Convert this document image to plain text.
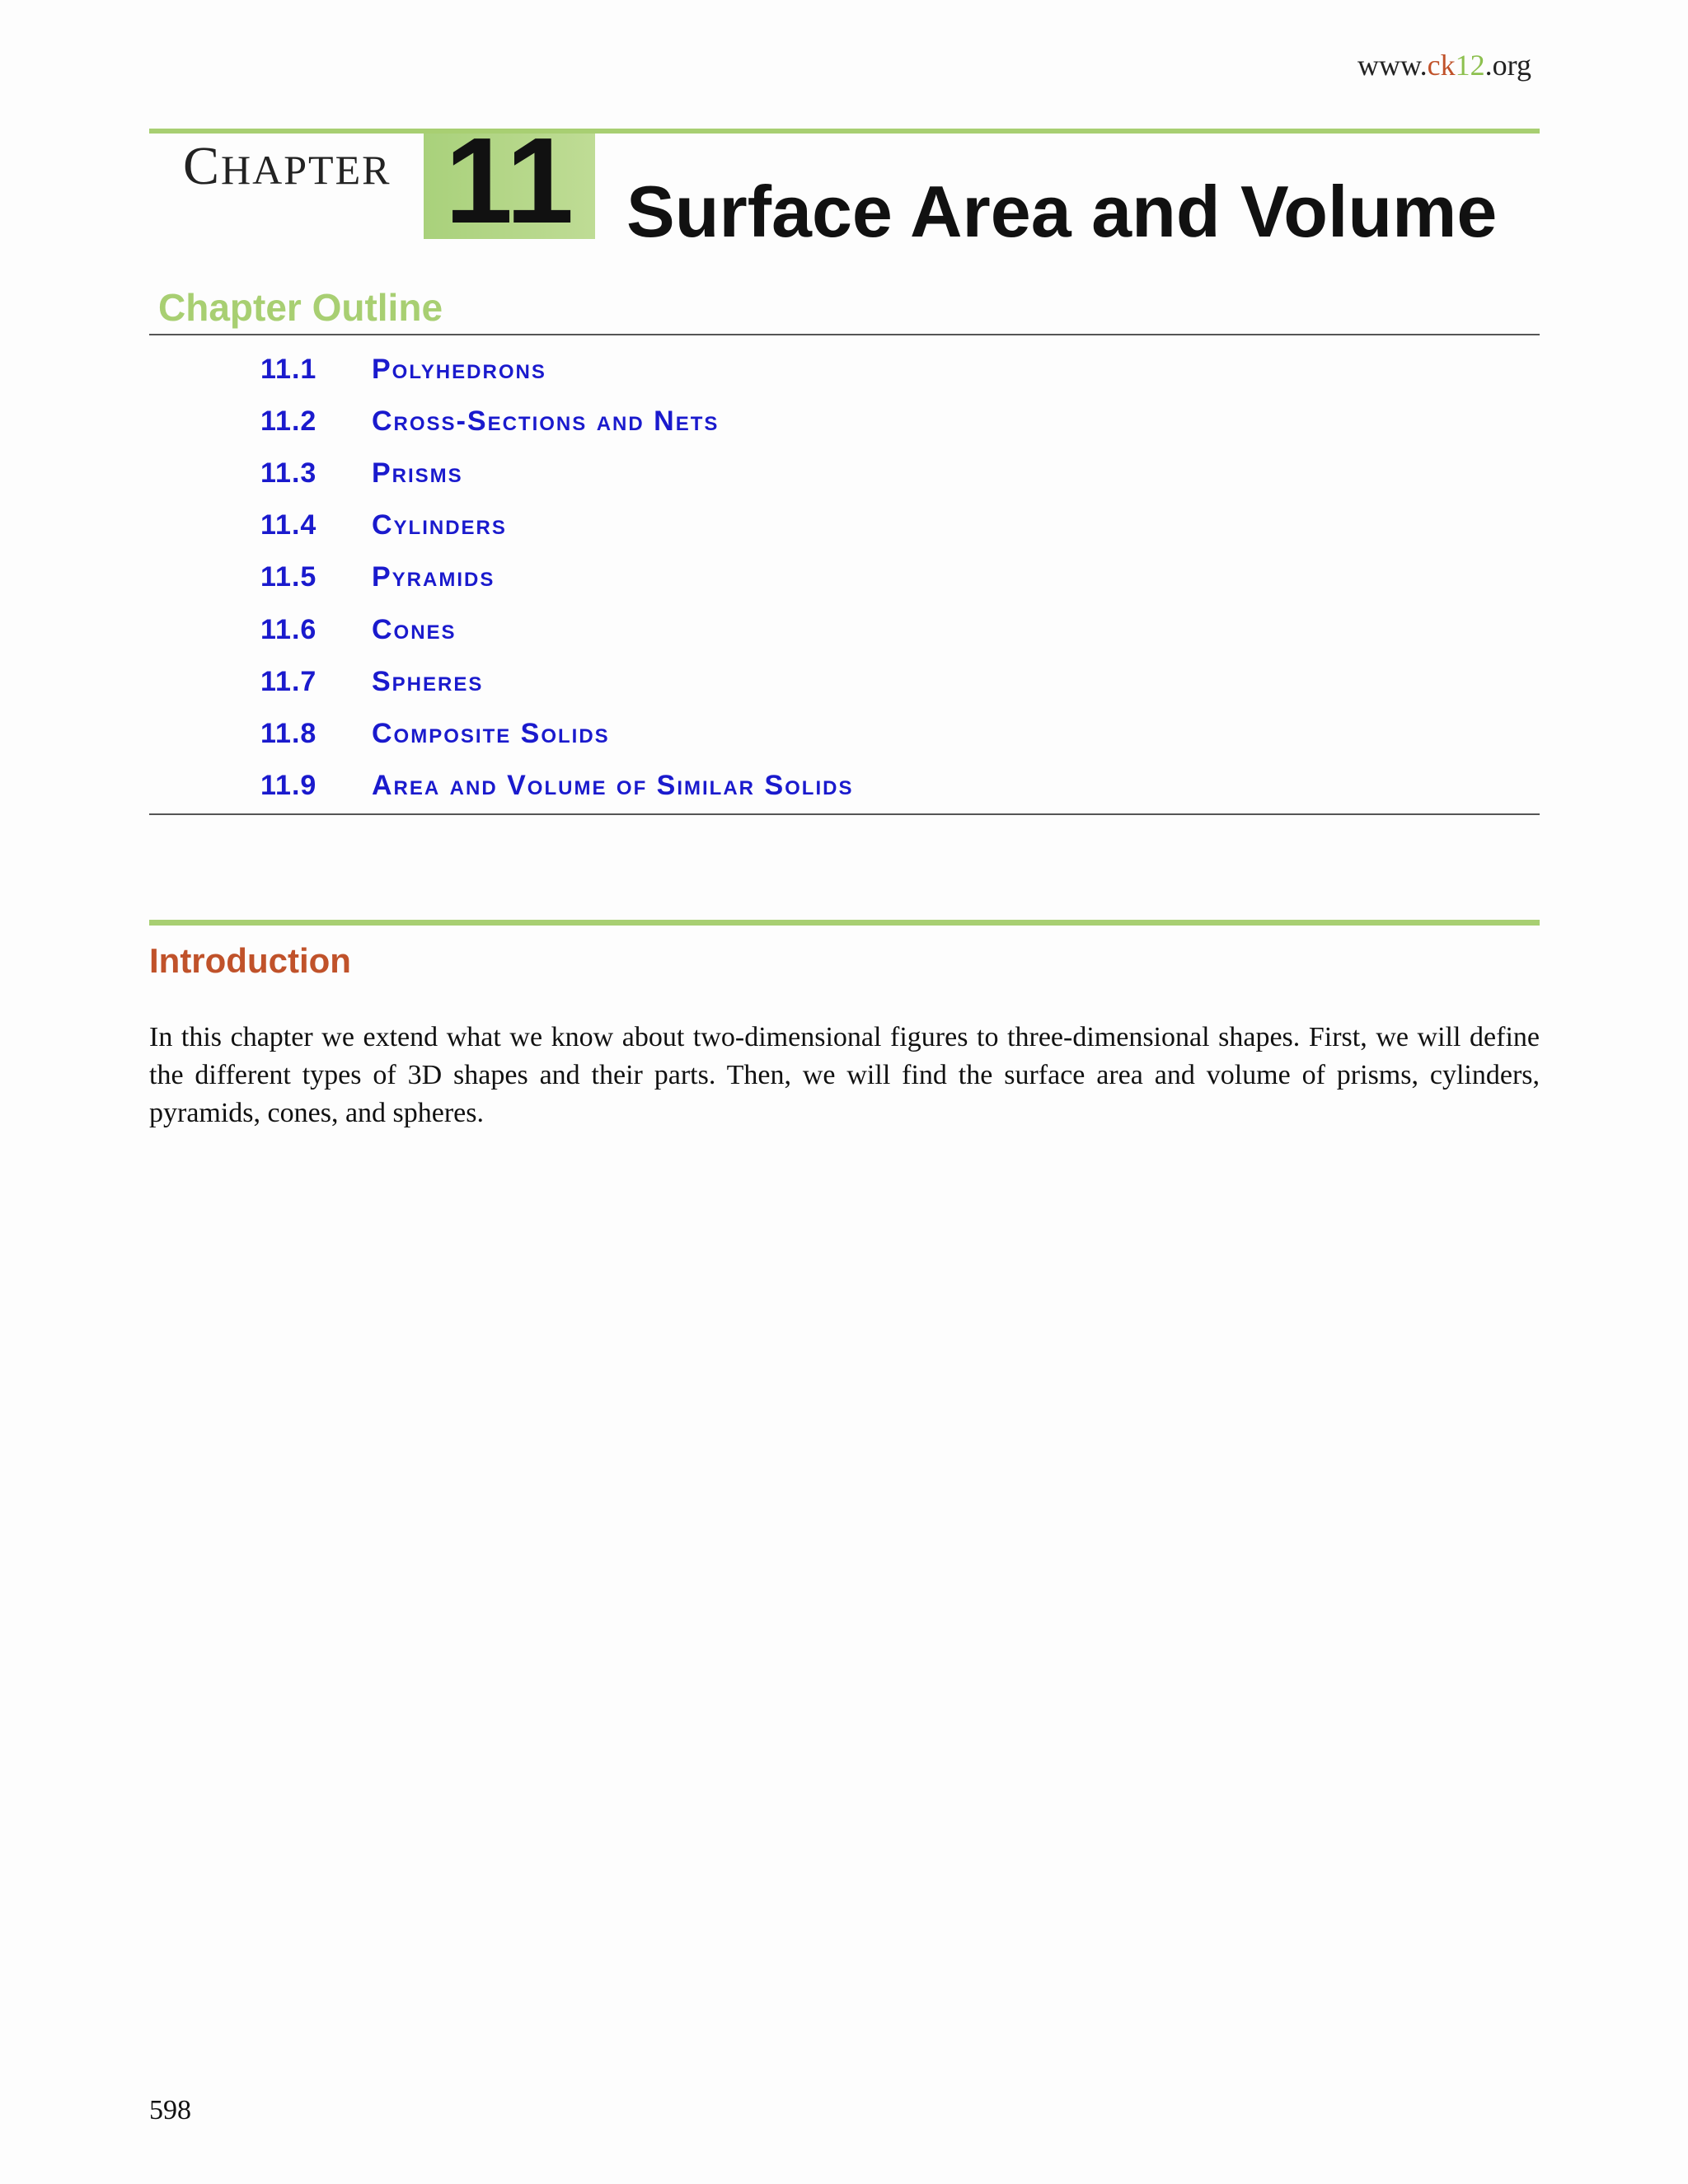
www.ck12.org
CHAPTER 11 Surface Area and Volume
Chapter Outline
11.1	Polyhedrons
11.2	Cross-Sections and Nets
11.3	Prisms
11.4	Cylinders
11.5	Pyramids
11.6	Cones
11.7	Spheres
11.8	Composite Solids
11.9	Area and Volume of Similar Solids
Introduction
In this chapter we extend what we know about two-dimensional figures to three-dimensional shapes. First, we will define the different types of 3D shapes and their parts. Then, we will find the surface area and volume of prisms, cylinders, pyramids, cones, and spheres.
598
